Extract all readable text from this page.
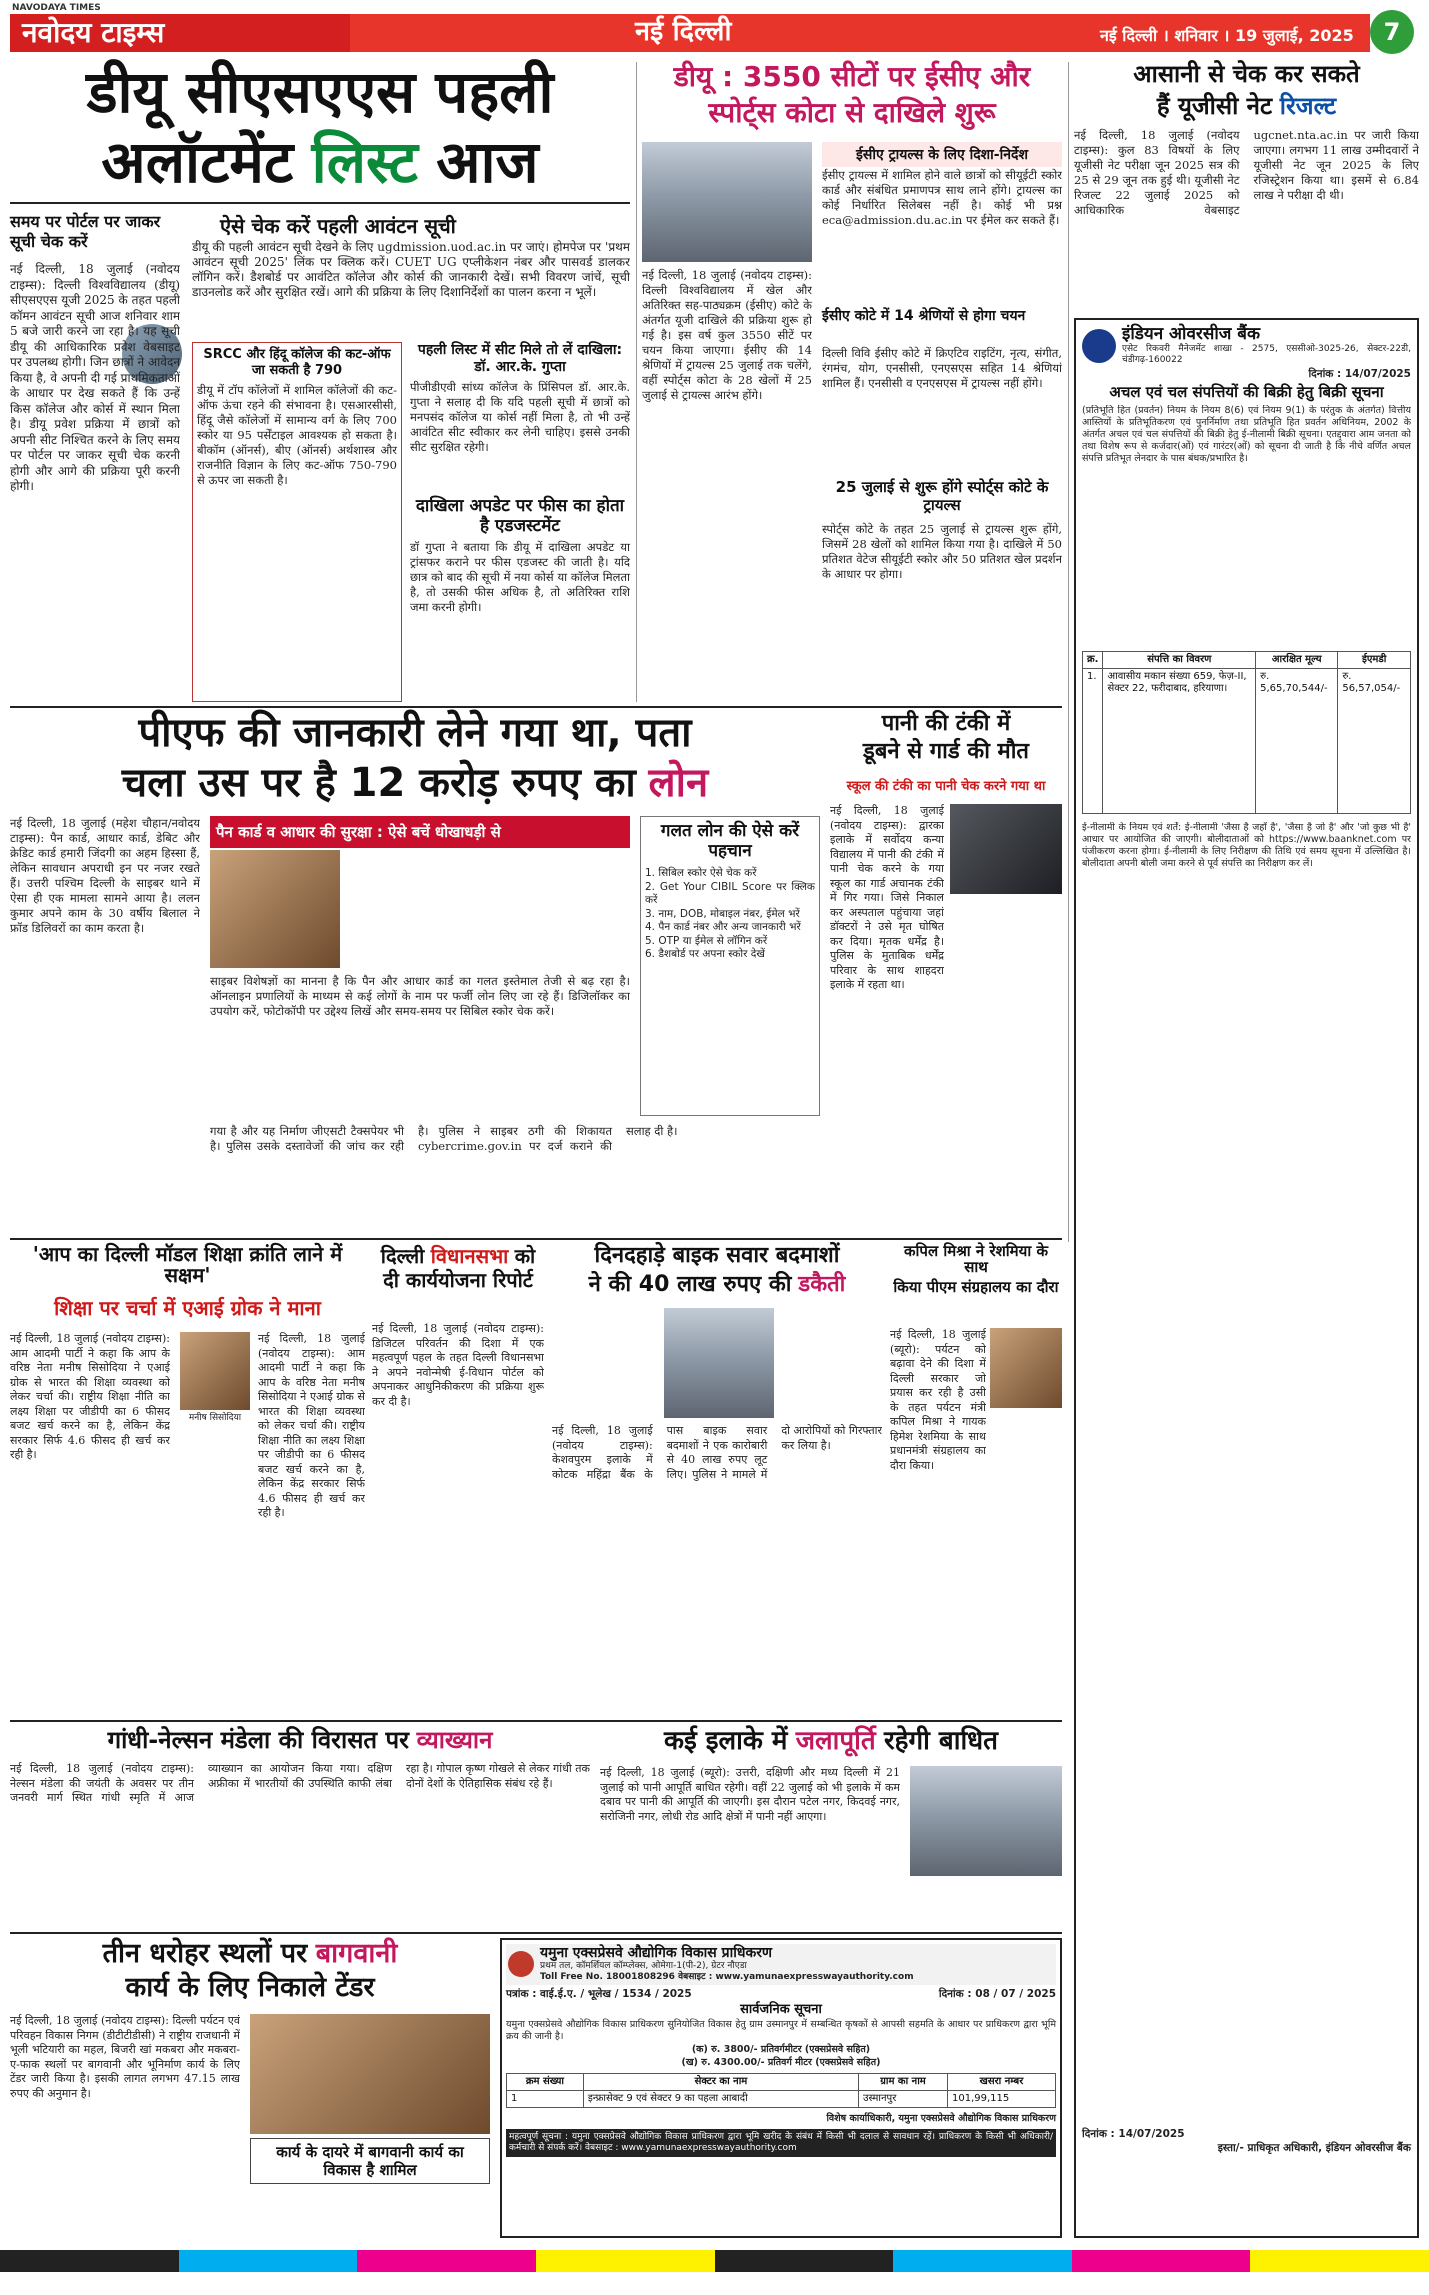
NAVODAYA TIMES
नवोदय टाइम्स	नई दिल्ली	नई दिल्ली । शनिवार । 19 जुलाई, 2025	7
डीयू सीएसएएस पहली
अलॉटमेंट लिस्ट आज
समय पर पोर्टल पर जाकर सूची चेक करें
नई दिल्ली, 18 जुलाई (नवोदय टाइम्स): दिल्ली विश्वविद्यालय (डीयू) सीएसएएस यूजी 2025 के तहत पहली कॉमन आवंटन सूची आज शनिवार शाम 5 बजे जारी करने जा रहा है। यह सूची डीयू की आधिकारिक प्रवेश वेबसाइट पर उपलब्ध होगी। जिन छात्रों ने आवेदन किया है, वे अपनी दी गई प्राथमिकताओं के आधार पर देख सकते हैं कि उन्हें किस कॉलेज और कोर्स में स्थान मिला है। डीयू प्रवेश प्रक्रिया में छात्रों को अपनी सीट निश्चित करने के लिए समय पर पोर्टल पर जाकर सूची चेक करनी होगी और आगे की प्रक्रिया पूरी करनी होगी।
ऐसे चेक करें पहली आवंटन सूची
डीयू की पहली आवंटन सूची देखने के लिए ugdmission.uod.ac.in पर जाएं। होमपेज पर 'प्रथम आवंटन सूची 2025' लिंक पर क्लिक करें। CUET UG एप्लीकेशन नंबर और पासवर्ड डालकर लॉगिन करें। डैशबोर्ड पर आवंटित कॉलेज और कोर्स की जानकारी देखें। सभी विवरण जांचें, सूची डाउनलोड करें और सुरक्षित रखें। आगे की प्रक्रिया के लिए दिशानिर्देशों का पालन करना न भूलें।
SRCC और हिंदू कॉलेज की कट-ऑफ जा सकती है 790
डीयू में टॉप कॉलेजों में शामिल कॉलेजों की कट-ऑफ ऊंचा रहने की संभावना है। एसआरसीसी, हिंदू जैसे कॉलेजों में सामान्य वर्ग के लिए 700 स्कोर या 95 पर्सेंटाइल आवश्यक हो सकता है। बीकॉम (ऑनर्स), बीए (ऑनर्स) अर्थशास्त्र और राजनीति विज्ञान के लिए कट-ऑफ 750-790 से ऊपर जा सकती है।
पहली लिस्ट में सीट मिले तो लें दाखिला: डॉ. आर.के. गुप्ता
पीजीडीएवी सांध्य कॉलेज के प्रिंसिपल डॉ. आर.के. गुप्ता ने सलाह दी कि यदि पहली सूची में छात्रों को मनपसंद कॉलेज या कोर्स नहीं मिला है, तो भी उन्हें आवंटित सीट स्वीकार कर लेनी चाहिए। इससे उनकी सीट सुरक्षित रहेगी।
दाखिला अपडेट पर फीस का होता है एडजस्टमेंट
डॉ गुप्ता ने बताया कि डीयू में दाखिला अपडेट या ट्रांसफर कराने पर फीस एडजस्ट की जाती है। यदि छात्र को बाद की सूची में नया कोर्स या कॉलेज मिलता है, तो उसकी फीस अधिक है, तो अतिरिक्त राशि जमा करनी होगी।
डीयू : 3550 सीटों पर ईसीए और
स्पोर्ट्स कोटा से दाखिले शुरू
नई दिल्ली, 18 जुलाई (नवोदय टाइम्स): दिल्ली विश्वविद्यालय में खेल और अतिरिक्त सह-पाठ्यक्रम (ईसीए) कोटे के अंतर्गत यूजी दाखिले की प्रक्रिया शुरू हो गई है। इस वर्ष कुल 3550 सीटें पर चयन किया जाएगा। ईसीए की 14 श्रेणियों में ट्रायल्स 25 जुलाई तक चलेंगे, वहीं स्पोर्ट्स कोटा के 28 खेलों में 25 जुलाई से ट्रायल्स आरंभ होंगे।
ईसीए ट्रायल्स के लिए दिशा-निर्देश
ईसीए ट्रायल्स में शामिल होने वाले छात्रों को सीयूईटी स्कोर कार्ड और संबंधित प्रमाणपत्र साथ लाने होंगे। ट्रायल्स का कोई निर्धारित सिलेबस नहीं है। कोई भी प्रश्न eca@admission.du.ac.in पर ईमेल कर सकते हैं।
ईसीए कोटे में 14 श्रेणियों से होगा चयन
दिल्ली विवि ईसीए कोटे में क्रिएटिव राइटिंग, नृत्य, संगीत, रंगमंच, योग, एनसीसी, एनएसएस सहित 14 श्रेणियां शामिल हैं। एनसीसी व एनएसएस में ट्रायल्स नहीं होंगे।
25 जुलाई से शुरू होंगे स्पोर्ट्स कोटे के ट्रायल्स
स्पोर्ट्स कोटे के तहत 25 जुलाई से ट्रायल्स शुरू होंगे, जिसमें 28 खेलों को शामिल किया गया है। दाखिले में 50 प्रतिशत वेटेज सीयूईटी स्कोर और 50 प्रतिशत खेल प्रदर्शन के आधार पर होगा।
आसानी से चेक कर सकते
हैं यूजीसी नेट रिजल्ट
नई दिल्ली, 18 जुलाई (नवोदय टाइम्स): कुल 83 विषयों के लिए यूजीसी नेट परीक्षा जून 2025 सत्र की 25 से 29 जून तक हुई थी। यूजीसी नेट रिजल्ट 22 जुलाई 2025 को आधिकारिक वेबसाइट ugcnet.nta.ac.in पर जारी किया जाएगा। लगभग 11 लाख उम्मीदवारों ने यूजीसी नेट जून 2025 के लिए रजिस्ट्रेशन किया था। इसमें से 6.84 लाख ने परीक्षा दी थी।
इंडियन ओवरसीज बैंक
एसेट रिकवरी मैनेजमेंट शाखा - 2575, एससीओ-3025-26, सेक्टर-22डी, चंडीगढ़-160022
दिनांक : 14/07/2025
अचल एवं चल संपत्तियों की बिक्री हेतु बिक्री सूचना
(प्रतिभूति हित (प्रवर्तन) नियम के नियम 8(6) एवं नियम 9(1) के परंतुक के अंतर्गत) वित्तीय आस्तियों के प्रतिभूतिकरण एवं पुनर्निर्माण तथा प्रतिभूति हित प्रवर्तन अधिनियम, 2002 के अंतर्गत अचल एवं चल संपत्तियों की बिक्री हेतु ई-नीलामी बिक्री सूचना। एतद्द्वारा आम जनता को तथा विशेष रूप से कर्जदार(ओं) एवं गारंटर(ओं) को सूचना दी जाती है कि नीचे वर्णित अचल संपत्ति प्रतिभूत लेनदार के पास बंधक/प्रभारित है।
क्र.	संपत्ति का विवरण	आरक्षित मूल्य	ईएमडी
1.	आवासीय मकान संख्या 659, फेज़-II, सेक्टर 22, फरीदाबाद, हरियाणा।	रु. 5,65,70,544/-	रु. 56,57,054/-
ई-नीलामी के नियम एवं शर्तें: ई-नीलामी 'जैसा है जहाँ है', 'जैसा है जो है' और 'जो कुछ भी है' आधार पर आयोजित की जाएगी। बोलीदाताओं को https://www.baanknet.com पर पंजीकरण करना होगा। ई-नीलामी के लिए निरीक्षण की तिथि एवं समय सूचना में उल्लिखित है। बोलीदाता अपनी बोली जमा करने से पूर्व संपत्ति का निरीक्षण कर लें।
दिनांक : 14/07/2025
इस्ता/- प्राधिकृत अधिकारी, इंडियन ओवरसीज बैंक
पीएफ की जानकारी लेने गया था, पता
चला उस पर है 12 करोड़ रुपए का लोन
नई दिल्ली, 18 जुलाई (महेश चौहान/नवोदय टाइम्स): पैन कार्ड, आधार कार्ड, डेबिट और क्रेडिट कार्ड हमारी जिंदगी का अहम हिस्सा हैं, लेकिन सावधान अपराधी इन पर नजर रखते हैं। उत्तरी पश्चिम दिल्ली के साइबर थाने में ऐसा ही एक मामला सामने आया है। ललन कुमार अपने काम के 30 वर्षीय बिलाल ने फ्रॉड डिलिवरों का काम करता है।
पैन कार्ड व आधार की सुरक्षा : ऐसे बचें धोखाधड़ी से
साइबर विशेषज्ञों का मानना है कि पैन और आधार कार्ड का गलत इस्तेमाल तेजी से बढ़ रहा है। ऑनलाइन प्रणालियों के माध्यम से कई लोगों के नाम पर फर्जी लोन लिए जा रहे हैं। डिजिलॉकर का उपयोग करें, फोटोकॉपी पर उद्देश्य लिखें और समय-समय पर सिबिल स्कोर चेक करें।
गलत लोन की ऐसे करें पहचान
1. सिबिल स्कोर ऐसे चेक करें
2. Get Your CIBIL Score पर क्लिक करें
3. नाम, DOB, मोबाइल नंबर, ईमेल भरें
4. पैन कार्ड नंबर और अन्य जानकारी भरें
5. OTP या ईमेल से लॉगिन करें
6. डैशबोर्ड पर अपना स्कोर देखें
गया है और यह निर्माण जीएसटी टैक्सपेयर भी है। पुलिस उसके दस्तावेजों की जांच कर रही है। पुलिस ने साइबर ठगी की शिकायत cybercrime.gov.in पर दर्ज कराने की सलाह दी है।
पानी की टंकी में
डूबने से गार्ड की मौत
स्कूल की टंकी का पानी चेक करने गया था
नई दिल्ली, 18 जुलाई (नवोदय टाइम्स): द्वारका इलाके में सर्वोदय कन्या विद्यालय में पानी की टंकी में पानी चेक करने के गया स्कूल का गार्ड अचानक टंकी में गिर गया। जिसे निकाल कर अस्पताल पहुंचाया जहां डॉक्टरों ने उसे मृत घोषित कर दिया। मृतक धर्मेंद्र है। पुलिस के मुताबिक धर्मेंद्र परिवार के साथ शाहदरा इलाके में रहता था।
'आप का दिल्ली मॉडल शिक्षा क्रांति लाने में सक्षम'
शिक्षा पर चर्चा में एआई ग्रोक ने माना
मनीष सिसोदिया
नई दिल्ली, 18 जुलाई (नवोदय टाइम्स): आम आदमी पार्टी ने कहा कि आप के वरिष्ठ नेता मनीष सिसोदिया ने एआई ग्रोक से भारत की शिक्षा व्यवस्था को लेकर चर्चा की। राष्ट्रीय शिक्षा नीति का लक्ष्य शिक्षा पर जीडीपी का 6 फीसद बजट खर्च करने का है, लेकिन केंद्र सरकार सिर्फ 4.6 फीसद ही खर्च कर रही है।
नई दिल्ली, 18 जुलाई (नवोदय टाइम्स): आम आदमी पार्टी ने कहा कि आप के वरिष्ठ नेता मनीष सिसोदिया ने एआई ग्रोक से भारत की शिक्षा व्यवस्था को लेकर चर्चा की। राष्ट्रीय शिक्षा नीति का लक्ष्य शिक्षा पर जीडीपी का 6 फीसद बजट खर्च करने का है, लेकिन केंद्र सरकार सिर्फ 4.6 फीसद ही खर्च कर रही है।
दिल्ली विधानसभा को दी कार्ययोजना रिपोर्ट
नई दिल्ली, 18 जुलाई (नवोदय टाइम्स): डिजिटल परिवर्तन की दिशा में एक महत्वपूर्ण पहल के तहत दिल्ली विधानसभा ने अपने नवोन्मेषी ई-विधान पोर्टल को अपनाकर आधुनिकीकरण की प्रक्रिया शुरू कर दी है।
दिनदहाड़े बाइक सवार बदमाशों
ने की 40 लाख रुपए की डकैती
नई दिल्ली, 18 जुलाई (नवोदय टाइम्स): केशवपुरम इलाके में कोटक महिंद्रा बैंक के पास बाइक सवार बदमाशों ने एक कारोबारी से 40 लाख रुपए लूट लिए। पुलिस ने मामले में दो आरोपियों को गिरफ्तार कर लिया है।
कपिल मिश्रा ने रेशमिया के साथ
किया पीएम संग्रहालय का दौरा
नई दिल्ली, 18 जुलाई (ब्यूरो): पर्यटन को बढ़ावा देने की दिशा में दिल्ली सरकार जो प्रयास कर रही है उसी के तहत पर्यटन मंत्री कपिल मिश्रा ने गायक हिमेश रेशमिया के साथ प्रधानमंत्री संग्रहालय का दौरा किया।
गांधी-नेल्सन मंडेला की विरासत पर व्याख्यान
नई दिल्ली, 18 जुलाई (नवोदय टाइम्स): नेल्सन मंडेला की जयंती के अवसर पर तीन जनवरी मार्ग स्थित गांधी स्मृति में आज व्याख्यान का आयोजन किया गया। दक्षिण अफ्रीका में भारतीयों की उपस्थिति काफी लंबा रहा है। गोपाल कृष्ण गोखले से लेकर गांधी तक दोनों देशों के ऐतिहासिक संबंध रहे हैं।
कई इलाके में जलापूर्ति रहेगी बाधित
नई दिल्ली, 18 जुलाई (ब्यूरो): उत्तरी, दक्षिणी और मध्य दिल्ली में 21 जुलाई को पानी आपूर्ति बाधित रहेगी। वहीं 22 जुलाई को भी इलाके में कम दबाव पर पानी की आपूर्ति की जाएगी। इस दौरान पटेल नगर, किदवई नगर, सरोजिनी नगर, लोधी रोड आदि क्षेत्रों में पानी नहीं आएगा।
तीन धरोहर स्थलों पर बागवानी
कार्य के लिए निकाले टेंडर
नई दिल्ली, 18 जुलाई (नवोदय टाइम्स): दिल्ली पर्यटन एवं परिवहन विकास निगम (डीटीटीडीसी) ने राष्ट्रीय राजधानी में भूली भटियारी का महल, बिजरी खां मकबरा और मकबरा-ए-फाक स्थलों पर बागवानी और भूनिर्माण कार्य के लिए टेंडर जारी किया है। इसकी लागत लगभग 47.15 लाख रुपए की अनुमान है।
कार्य के दायरे में बागवानी कार्य का विकास है शामिल
यमुना एक्सप्रेसवे औद्योगिक विकास प्राधिकरण
प्रथम तल, कॉमर्शियल कॉम्प्लेक्स, ओमेगा-1(पी-2), ग्रेटर नौएडा
Toll Free No. 18001808296 वेबसाइट : www.yamunaexpresswayauthority.com
पत्रांक : वाई.ई.ए. / भूलेख / 1534 / 2025	दिनांक : 08 / 07 / 2025
सार्वजनिक सूचना
यमुना एक्सप्रेसवे औद्योगिक विकास प्राधिकरण सुनियोजित विकास हेतु ग्राम उस्मानपुर में सम्बन्धित कृषकों से आपसी सहमति के आधार पर प्राधिकरण द्वारा भूमि क्रय की जानी है।
(क) रु. 3800/- प्रतिवर्गमीटर (एक्सप्रेसवे सहित)
(ख) रु. 4300.00/- प्रतिवर्ग मीटर (एक्सप्रेसवे सहित)
क्रम संख्या	सेक्टर का नाम	ग्राम का नाम	खसरा नम्बर
1	इन्फ्रासेक्ट 9 एवं सेक्टर 9 का पहला आबादी	उस्मानपुर	101,99,115
विशेष कार्याधिकारी, यमुना एक्सप्रेसवे औद्योगिक विकास प्राधिकरण
महत्वपूर्ण सूचना : यमुना एक्सप्रेसवे औद्योगिक विकास प्राधिकरण द्वारा भूमि खरीद के संबंध में किसी भी दलाल से सावधान रहें। प्राधिकरण के किसी भी अधिकारी/कर्मचारी से संपर्क करें। वेबसाइट : www.yamunaexpresswayauthority.com
